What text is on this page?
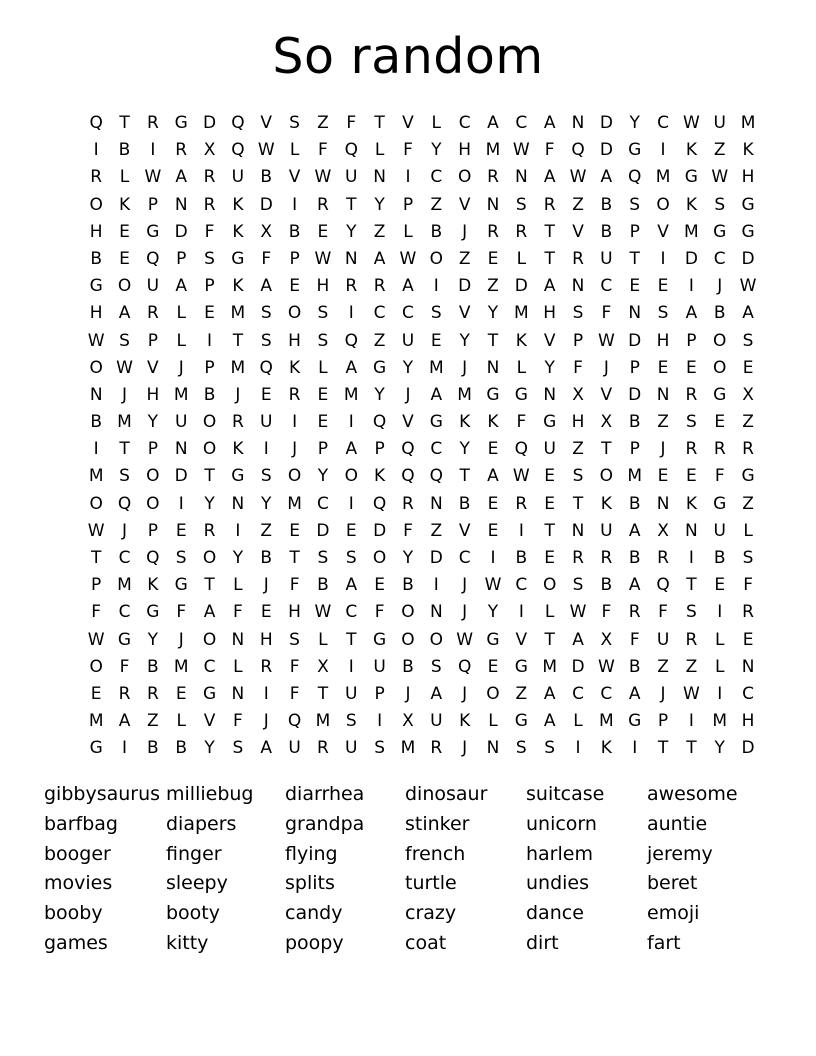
So random
Q T	R G D Q V	S	Z	F	T	V	L	C A C A N D Y	C W U M
I	B	I	R X Q W L	F Q L	F	Y H M W F Q D G	I	K Z K
R	L W A R U B V W U N	I	C O R N A W A Q M G W H
O K	P N R K D	I	R	T	Y	P	Z V N S	R Z B	S O K	S G
H E G D F	K X B	E	Y	Z	L	B	J	R R	T	V B	P	V M G G
B	E Q P	S G F	P W N A W O Z	E	L	T	R U T	I	D C D
G O U A	P	K A	E H R R A	I	D Z D A N C	E	E	I	J	W
H A R	L	E M S O S	I	C C	S	V	Y M H S	F	N S	A B A
W S	P	L	I	T	S H S Q Z U E	Y	T	K V	P W D H P O S
O W V	J	P M Q K	L	A G Y M	J	N	L	Y	F	J	P	E	E O E
N	J	H M B	J	E	R	E M Y	J	A M G G N X V D N R G X
B M Y U O R U	I	E	I	Q V G K	K	F G H X B Z	S	E	Z
I	T	P N O K	I	J	P	A	P Q C	Y	E Q U Z	T	P	J	R R R
M S O D T G S O Y O K Q Q T	A W E	S O M E	E	F G
O Q O	I	Y N Y M C	I	Q R N B	E	R	E	T	K B N K G Z
W	J	P	E	R	I	Z	E D E D F	Z V	E	I	T N U A X N U	L
T	C Q S O Y	B	T	S	S O Y D C	I	B	E	R R B R	I	B	S
P M K G T	L	J	F	B A	E	B	I	J	W C O S	B A Q T	E	F
F	C G F	A	F	E H W C	F O N	J	Y	I	L W F	R	F	S	I	R
W G Y	J	O N H S	L	T G O O W G V	T	A X	F	U R	L	E
O F	B M C	L	R	F	X	I	U B	S Q E G M D W B Z Z	L	N
E	R R	E G N	I	F	T U P	J	A	J	O Z A C C A	J	W	I	C
M A Z	L	V	F	J	Q M S	I	X U K	L	G A	L M G P	I	M H
G	I	B B	Y	S	A U R U S M R	J	N S	S	I	K	I	T	T	Y D
gibbysaurus
barfbag
booger
movies
booby
games
milliebug
diapers
finger
sleepy
booty
kitty
diarrhea
grandpa
flying
splits
candy
poopy
dinosaur
stinker
french
turtle
crazy
coat
suitcase
unicorn
harlem
undies
dance
dirt
awesome
auntie
jeremy
beret
emoji
fart
